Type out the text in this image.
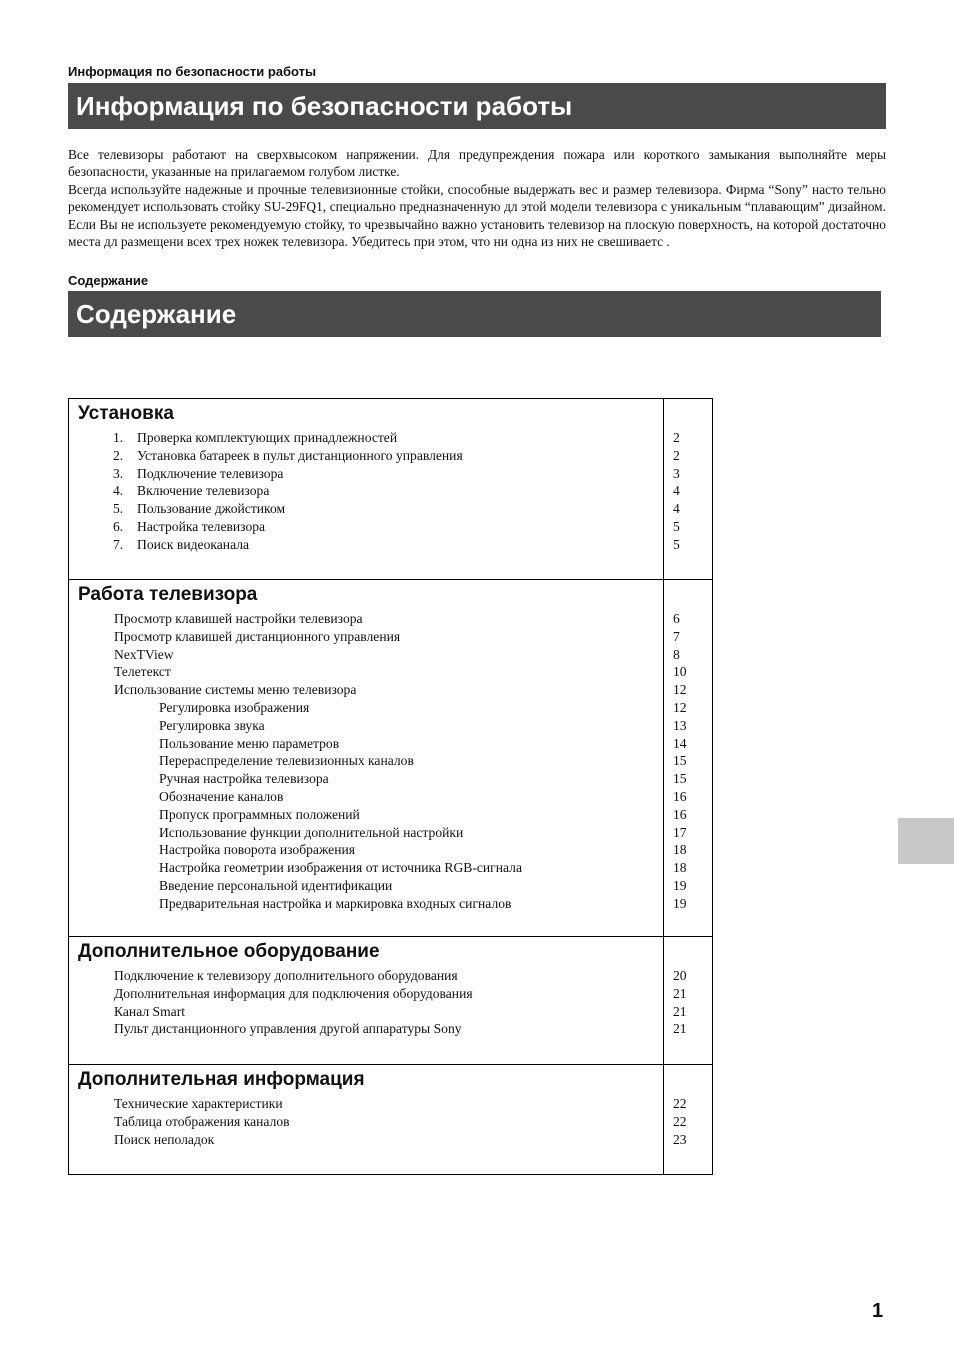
Информация по безопасности работы
Информация по безопасности работы

Все телевизоры работают на сверхвысоком напряжении. Для предупреждения пожара или короткого замыкания выполняйте меры безопасности, указанные на прилагаемом голубом листке.

Всегда используйте надежные и прочные телевизионные стойки, способные выдержать вес и размер телевизора. Фирма “Sony” насто тельно рекомендует использовать стойку SU-29FQ1, специально предназначенную дл этой модели телевизора с уникальным “плавающим” дизайном. Если Вы не используете рекомендуемую стойку, то чрезвычайно важно установить телевизор на плоскую поверхность, на которой достаточно места дл размещени всех трех ножек телевизора. Убедитесь при этом, что ни одна из них не свешиваетс .

Содержание
Содержание
Установка
1. Проверка комплектующих принадлежностей	2
2. Установка батареек в пульт дистанционного управления	2
3. Подключение телевизора	3
4. Включение телевизора	4
5. Пользование джойстиком	4
6. Настройка телевизора	5
7. Поиск видеоканала	5
Работа телевизора
Просмотр клавишей настройки телевизора	6
Просмотр клавишей дистанционного управления	7
NexTView	8
Телетекст	10
Использование системы меню телевизора	12
Регулировка изображения	12
Регулировка звука	13
Пользование меню параметров	14
Перераспределение телевизионных каналов	15
Ручная настройка телевизора	15
Обозначение каналов	16
Пропуск программных положений	16
Использование функции дополнительной настройки	17
Настройка поворота изображения	18
Настройка геометрии изображения от источника RGB-сигнала	18
Введение персональной идентификации	19
Предварительная настройка и маркировка входных сигналов	19
Дополнительное оборудование
Подключение к телевизору дополнительного оборудования	20
Дополнительная информация для подключения оборудования	21
Канал Smart	21
Пульт дистанционного управления другой аппаратуры Sony	21
Дополнительная информация
Технические характеристики	22
Таблица отображения каналов	22
Поиск неполадок	23
1
